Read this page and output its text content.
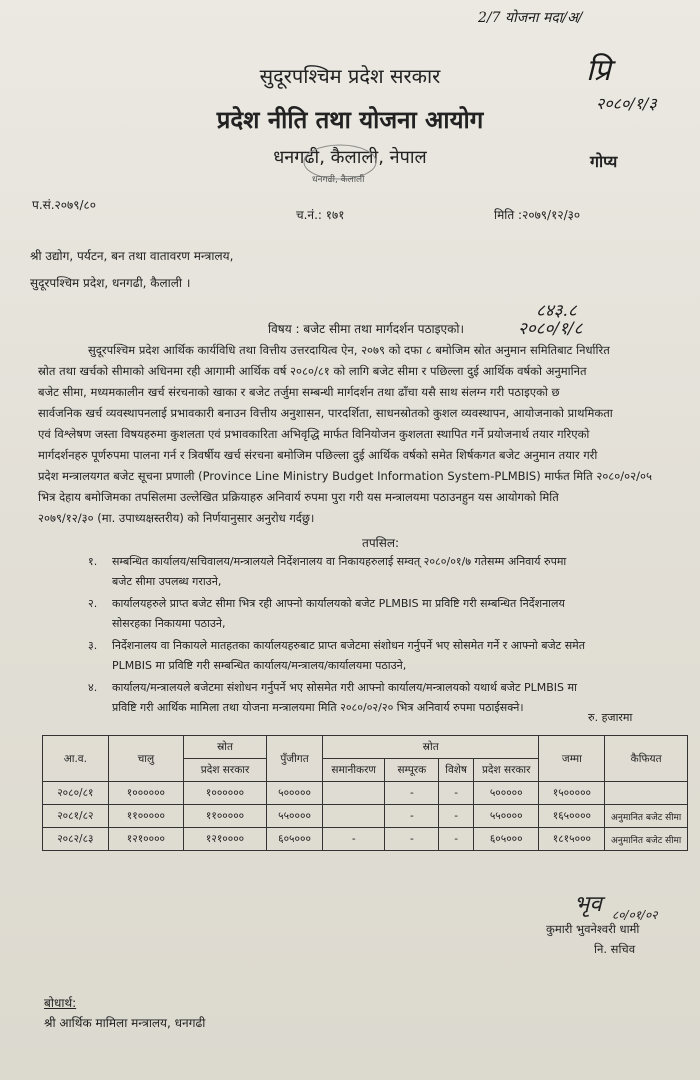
2/7 योजना मदा/अ/
प्रि
२०८०/१/३
सुदूरपश्चिम प्रदेश सरकार
प्रदेश नीति तथा योजना आयोग
धनगढी, कैलाली, नेपाल
धनगढी, कैलाली
गोप्य
प.सं.२०७९/८०
च.नं.: १७१	मिति :२०७९/१२/३०
श्री उद्योग, पर्यटन, बन तथा वातावरण मन्त्रालय,
सुदूरपश्चिम प्रदेश, धनगढी, कैलाली ।
८४३.८
२०८०/१/८
विषय : बजेट सीमा तथा मार्गदर्शन पठाइएको।
सुदूरपश्चिम प्रदेश आर्थिक कार्यविधि तथा वित्तीय उत्तरदायित्व ऐन, २०७९ को दफा ८ बमोजिम स्रोत अनुमान समितिबाट निर्धारित
स्रोत तथा खर्चको सीमाको अधिनमा रही आगामी आर्थिक वर्ष २०८०/८१ को लागि बजेट सीमा र पछिल्ला दुई आर्थिक वर्षको अनुमानित
बजेट सीमा, मध्यमकालीन खर्च संरचनाको खाका र बजेट तर्जुमा सम्बन्धी मार्गदर्शन तथा ढाँचा यसै साथ संलग्न गरी पठाइएको छ
सार्वजनिक खर्च व्यवस्थापनलाई प्रभावकारी बनाउन वित्तीय अनुशासन, पारदर्शिता, साधनस्रोतको कुशल व्यवस्थापन, आयोजनाको प्राथमिकता
एवं विश्लेषण जस्ता विषयहरुमा कुशलता एवं प्रभावकारिता अभिवृद्धि मार्फत विनियोजन कुशलता स्थापित गर्ने प्रयोजनार्थ तयार गरिएको
मार्गदर्शनहरु पूर्णरुपमा पालना गर्न र त्रिवर्षीय खर्च संरचना बमोजिम पछिल्ला दुई आर्थिक वर्षको समेत शिर्षकगत बजेट अनुमान तयार गरी
प्रदेश मन्त्रालयगत बजेट सूचना प्रणाली (Province Line Ministry Budget Information System-PLMBIS) मार्फत मिति २०८०/०२/०५
भित्र देहाय बमोजिमका तपसिलमा उल्लेखित प्रक्रियाहरु अनिवार्य रुपमा पुरा गरी यस मन्त्रालयमा पठाउनहुन यस आयोगको मिति
२०७९/१२/३० (मा. उपाध्यक्षस्तरीय) को निर्णयानुसार अनुरोध गर्दछु।
तपसिल:
१.	सम्बन्धित कार्यालय/सचिवालय/मन्त्रालयले निर्देशनालय वा निकायहरुलाई सम्वत् २०८०/०१/७ गतेसम्म अनिवार्य रुपमा
बजेट सीमा उपलब्ध गराउने,
२.	कार्यालयहरुले प्राप्त बजेट सीमा भित्र रही आफ्नो कार्यालयको बजेट PLMBIS मा प्रविष्टि गरी सम्बन्धित निर्देशनालय
सोसरहका निकायमा पठाउने,
३.	निर्देशनालय वा निकायले मातहतका कार्यालयहरुबाट प्राप्त बजेटमा संशोधन गर्नुपर्ने भए सोसमेत गर्ने र आफ्नो बजेट समेत
PLMBIS मा प्रविष्टि गरी सम्बन्धित कार्यालय/मन्त्रालय/कार्यालयमा पठाउने,
४.	कार्यालय/मन्त्रालयले बजेटमा संशोधन गर्नुपर्ने भए सोसमेत गरी आफ्नो कार्यालय/मन्त्रालयको यथार्थ बजेट PLMBIS मा
प्रविष्टि गरी आर्थिक मामिला तथा योजना मन्त्रालयमा मिति २०८०/०२/२० भित्र अनिवार्य रुपमा पठाईसक्ने।
रु. हजारमा
आ.व.	चालु	स्रोत	पुँजीगत	स्रोत				जम्मा	कैफियत
		प्रदेश सरकार		समानीकरण	सम्पूरक	विशेष	प्रदेश सरकार		
२०८०/८१	१००००००	१००००००	५०००००		-	-	५०००००	१५०००००	
२०८१/८२	११०००००	११०००००	५५००००		-	-	५५००००	१६५००००	अनुमानित बजेट सीमा
२०८२/८३	१२१००००	१२१००००	६०५०००	-	-	-	६०५०००	१८१५०००	अनुमानित बजेट सीमा
भृव ८०/०१/०२
कुमारी भुवनेश्वरी धामी
नि. सचिव
बोधार्थ:
श्री आर्थिक मामिला मन्त्रालय, धनगढी
